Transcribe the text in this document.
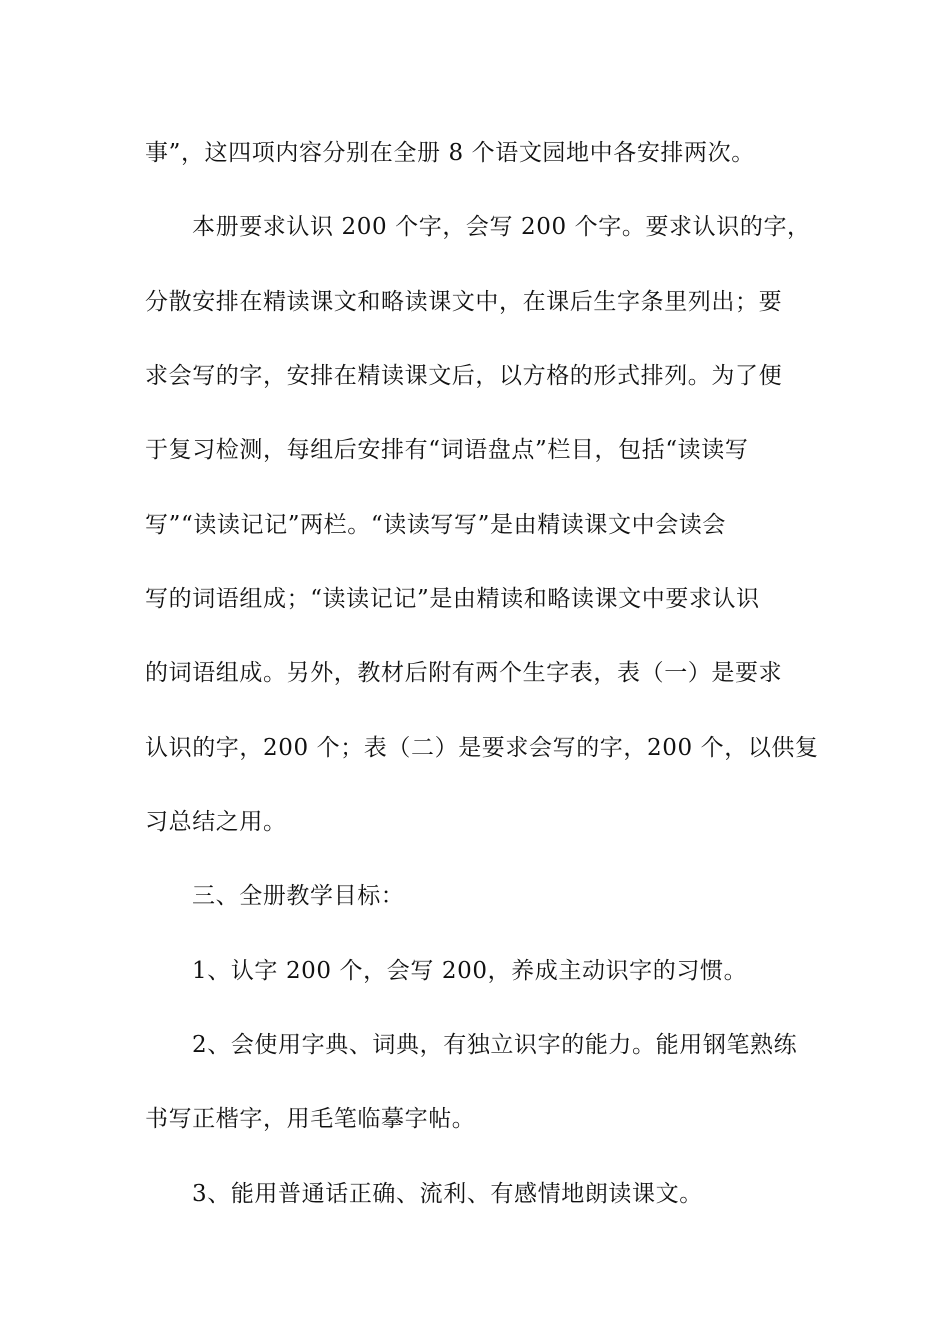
事”，这四项内容分别在全册 8 个语文园地中各安排两次。
本册要求认识 200 个字，会写 200 个字。要求认识的字，
分散安排在精读课文和略读课文中，在课后生字条里列出；要
求会写的字，安排在精读课文后，以方格的形式排列。为了便
于复习检测，每组后安排有“词语盘点”栏目，包括“读读写
写”“读读记记”两栏。“读读写写”是由精读课文中会读会
写的词语组成；“读读记记”是由精读和略读课文中要求认识
的词语组成。另外，教材后附有两个生字表，表（一）是要求
认识的字，200 个；表（二）是要求会写的字，200 个，以供复
习总结之用。
三、全册教学目标：
1、认字 200 个，会写 200，养成主动识字的习惯。
2、会使用字典、词典，有独立识字的能力。能用钢笔熟练
书写正楷字，用毛笔临摹字帖。
3、能用普通话正确、流利、有感情地朗读课文。
